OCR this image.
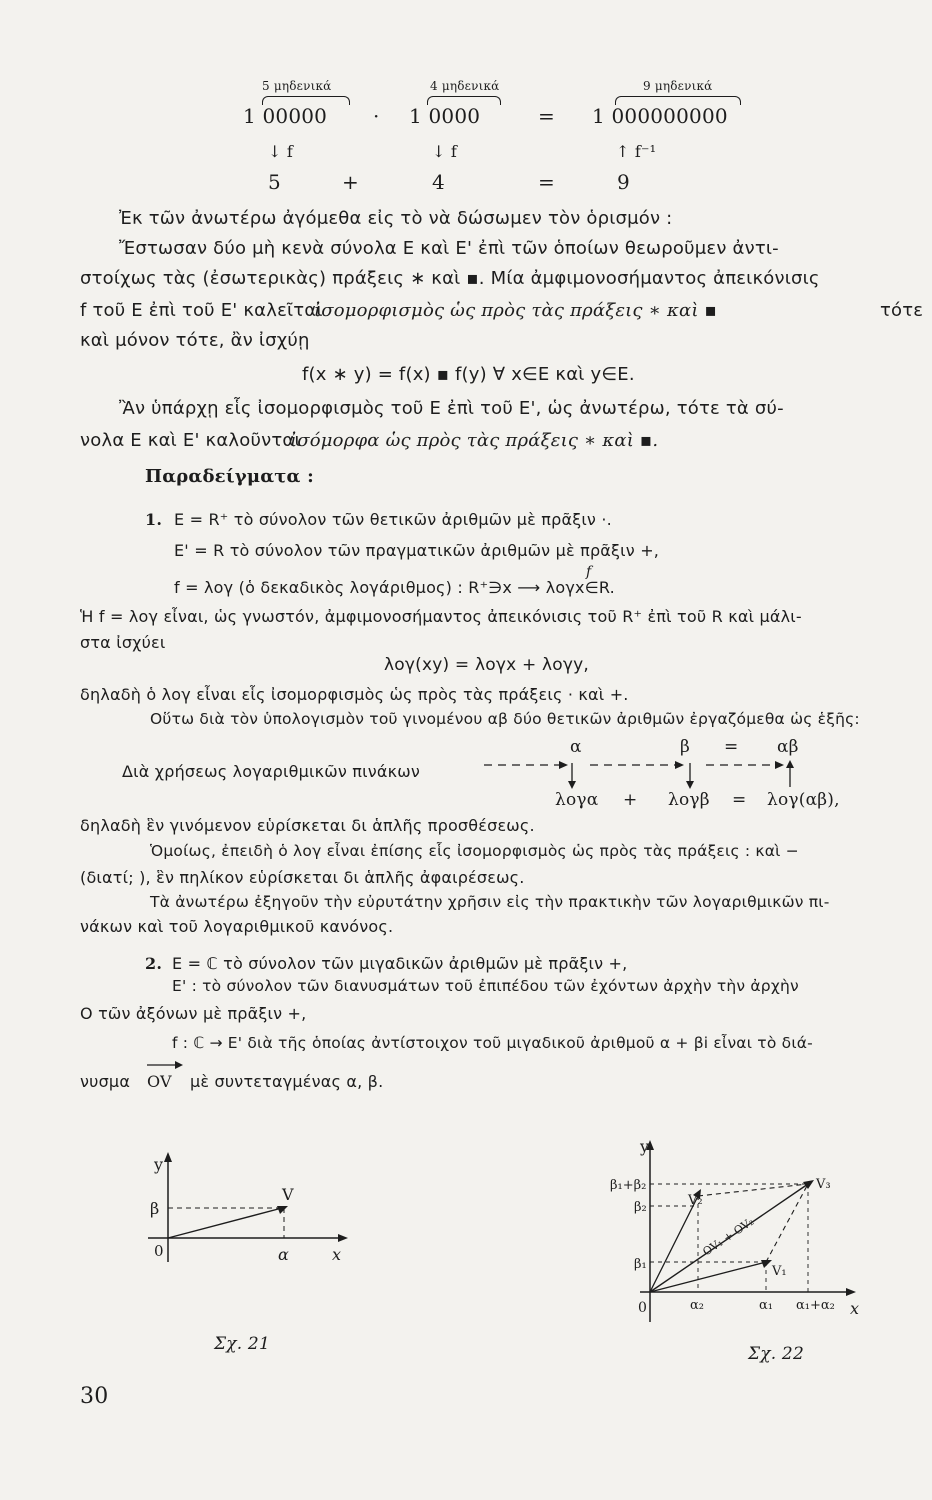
5 μηδενικά	4 μηδενικά	9 μηδενικά
1 00000 · 1 0000	= 1 000000000
↓ f	↓ f	↑ f⁻¹
5	+	4	=	9
Ἐκ τῶν ἀνωτέρω ἀγόμεθα εἰς τὸ νὰ δώσωμεν τὸν ὁρισμόν :
Ἔστωσαν δύο μὴ κενὰ σύνολα Ε καὶ Ε' ἐπὶ τῶν ὁποίων θεωροῦμεν ἀντι-
στοίχως τὰς (ἐσωτερικὰς) πράξεις ∗ καὶ ▪. Μία ἀμφιμονοσήμαντος ἀπεικόνισις
f τοῦ Ε ἐπὶ τοῦ Ε' καλεῖται
ἰσομορφισμὸς ὡς πρὸς τὰς πράξεις ∗ καὶ ▪	τότε
καὶ μόνον τότε, ἂν ἰσχύῃ
f(x ∗ y) = f(x) ▪ f(y) ∀ x∈E καὶ y∈E.
Ἂν ὑπάρχῃ εἷς ἰσομορφισμὸς τοῦ Ε ἐπὶ τοῦ Ε', ὡς ἀνωτέρω, τότε τὰ σύ-
νολα Ε καὶ Ε' καλοῦνται
ἰσόμορφα ὡς πρὸς τὰς πράξεις ∗ καὶ ▪.
Παραδείγματα :
1. Ε = R⁺ τὸ σύνολον τῶν θετικῶν ἀριθμῶν μὲ πρᾶξιν ·.
Ε' = R τὸ σύνολον τῶν πραγματικῶν ἀριθμῶν μὲ πρᾶξιν +,
f
f = λογ (ὁ δεκαδικὸς λογάριθμος) : R⁺∋x ⟶ λογx∈R.
Ἡ f = λογ εἶναι, ὡς γνωστόν, ἀμφιμονοσήμαντος ἀπεικόνισις τοῦ R⁺ ἐπὶ τοῦ R καὶ μάλι-
στα ἰσχύει
λογ(xy) = λογx + λογy,
δηλαδὴ ὁ λογ εἶναι εἷς ἰσομορφισμὸς ὡς πρὸς τὰς πράξεις · καὶ +.
Οὕτω διὰ τὸν ὑπολογισμὸν τοῦ γινομένου αβ δύο θετικῶν ἀριθμῶν ἐργαζόμεθα ὡς ἑξῆς:
α	β = αβ
Διὰ χρήσεως λογαριθμικῶν πινάκων
λογα + λογβ = λογ(αβ),
δηλαδὴ ἓν γινόμενον εὑρίσκεται δι ἁπλῆς προσθέσεως.
Ὁμοίως, ἐπειδὴ ὁ λογ εἶναι ἐπίσης εἷς ἰσομορφισμὸς ὡς πρὸς τὰς πράξεις : καὶ −
(διατί; ), ἓν πηλίκον εὑρίσκεται δι ἁπλῆς ἀφαιρέσεως.
Τὰ ἀνωτέρω ἐξηγοῦν τὴν εὐρυτάτην χρῆσιν εἰς τὴν πρακτικὴν τῶν λογαριθμικῶν πι-
νάκων καὶ τοῦ λογαριθμικοῦ κανόνος.
2. Ε = ℂ τὸ σύνολον τῶν μιγαδικῶν ἀριθμῶν μὲ πρᾶξιν +,
Ε' : τὸ σύνολον τῶν διανυσμάτων τοῦ ἐπιπέδου τῶν ἐχόντων ἀρχὴν τὴν ἀρχὴν
Ο τῶν ἀξόνων μὲ πρᾶξιν +,
f : ℂ → Ε' διὰ τῆς ὁποίας ἀντίστοιχον τοῦ μιγαδικοῦ ἀριθμοῦ α + βi εἶναι τὸ διά-
νυσμα OV μὲ συντεταγμένας α, β.
y
x
0
β
α
V
Σχ. 21
y
x
0
β₁+β₂
β₂
β₁
α₂	α₁ α₁+α₂
V₁
V₂
V₃
OV₁ + OV₂
Σχ. 22
30
